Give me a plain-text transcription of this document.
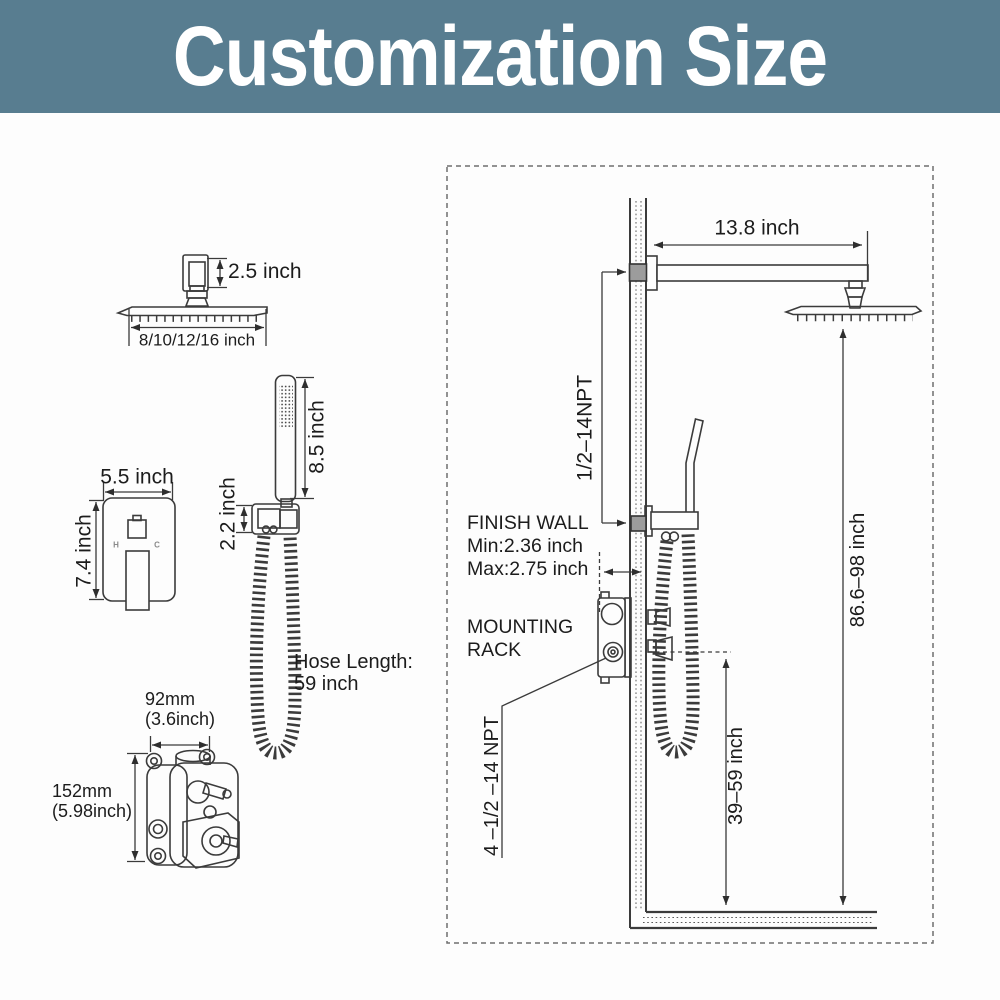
Customization Size
2.5 inch
8/10/12/16 inch
8.5 inch
2.2 inch
5.5 inch
7.4 inch
Hose Length:
59 inch
92mm
(3.6inch)
152mm
(5.98inch)
H	C
1/2–14NPT
FINISH WALL
Min:2.36 inch
Max:2.75 inch
MOUNTING
RACK
4 –1/2 –14 NPT
13.8 inch
86.6–98 inch
39–59 inch
